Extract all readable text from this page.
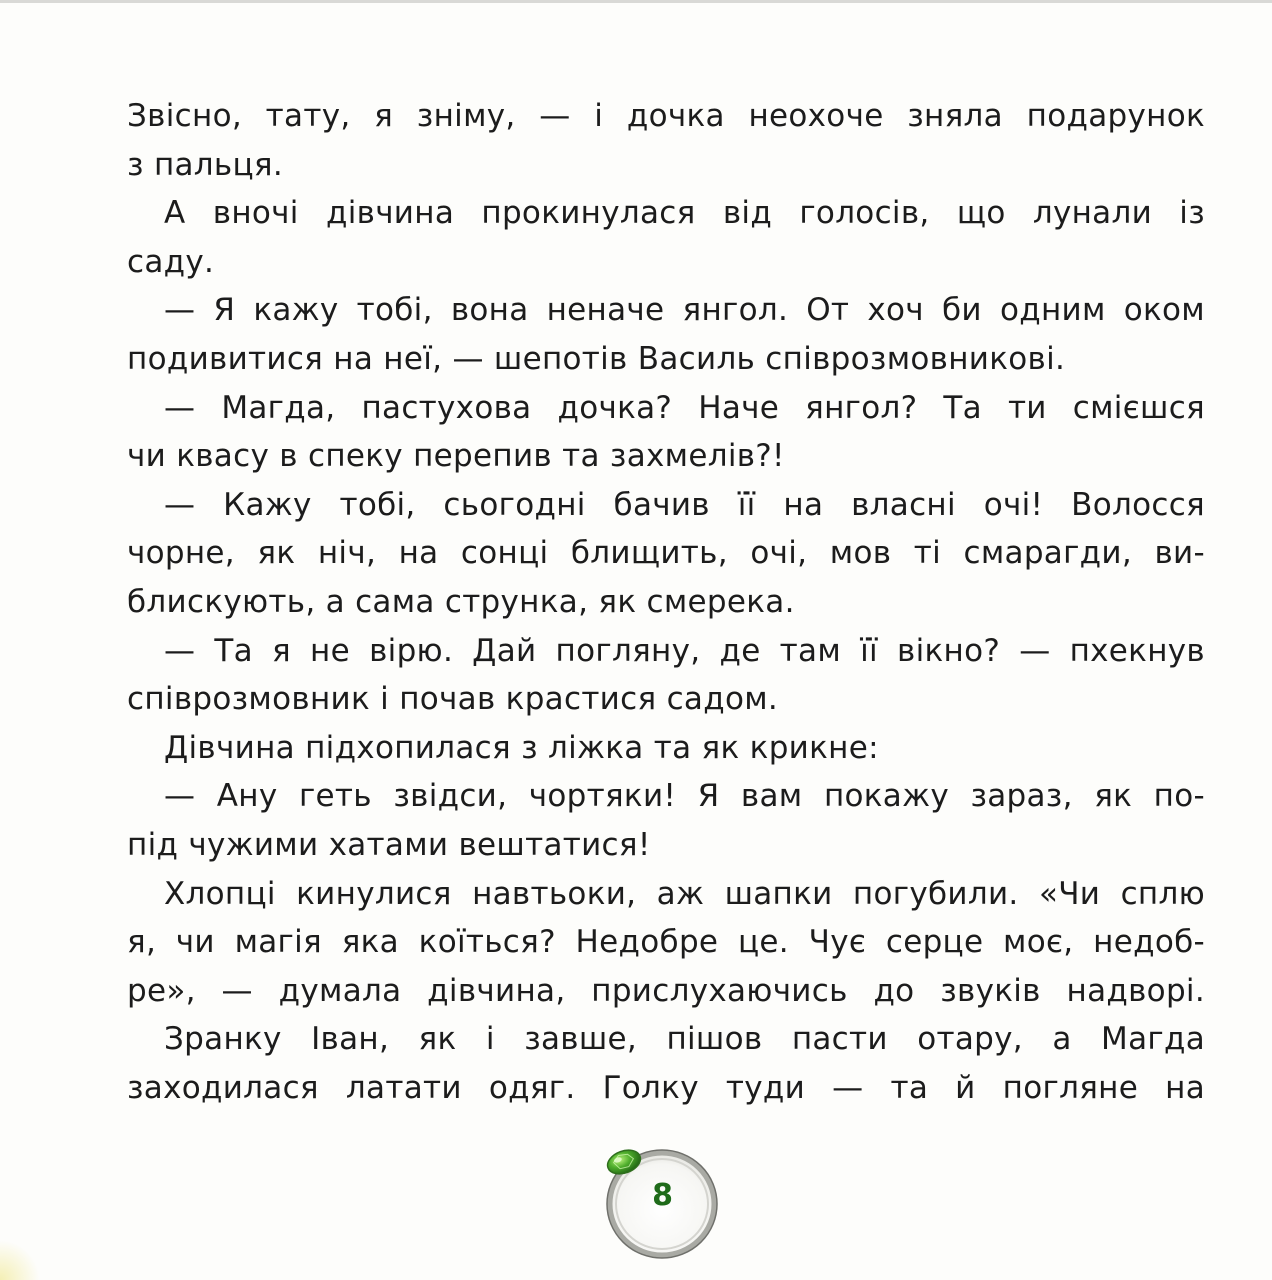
Звісно, тату, я зніму, — і дочка неохоче зняла подарунок
з пальця.
А вночі дівчина прокинулася від голосів, що лунали із
саду.
— Я кажу тобі, вона неначе янгол. От хоч би одним оком
подивитися на неї, — шепотів Василь співрозмовникові.
— Магда, пастухова дочка? Наче янгол? Та ти смієшся
чи квасу в спеку перепив та захмелів?!
— Кажу тобі, сьогодні бачив її на власні очі! Волосся
чорне, як ніч, на сонці блищить, очі, мов ті смарагди, ви-
блискують, а сама струнка, як смерека.
— Та я не вірю. Дай погляну, де там її вікно? — пхекнув
співрозмовник і почав крастися садом.
Дівчина підхопилася з ліжка та як крикне:
— Ану геть звідси, чортяки! Я вам покажу зараз, як по-
під чужими хатами вештатися!
Хлопці кинулися навтьоки, аж шапки погубили. «Чи сплю
я, чи магія яка коїться? Недобре це. Чує серце моє, недоб-
ре», — думала дівчина, прислухаючись до звуків надворі.
Зранку Іван, як і завше, пішов пасти отару, а Магда
заходилася латати одяг. Голку туди — та й погляне на
8
